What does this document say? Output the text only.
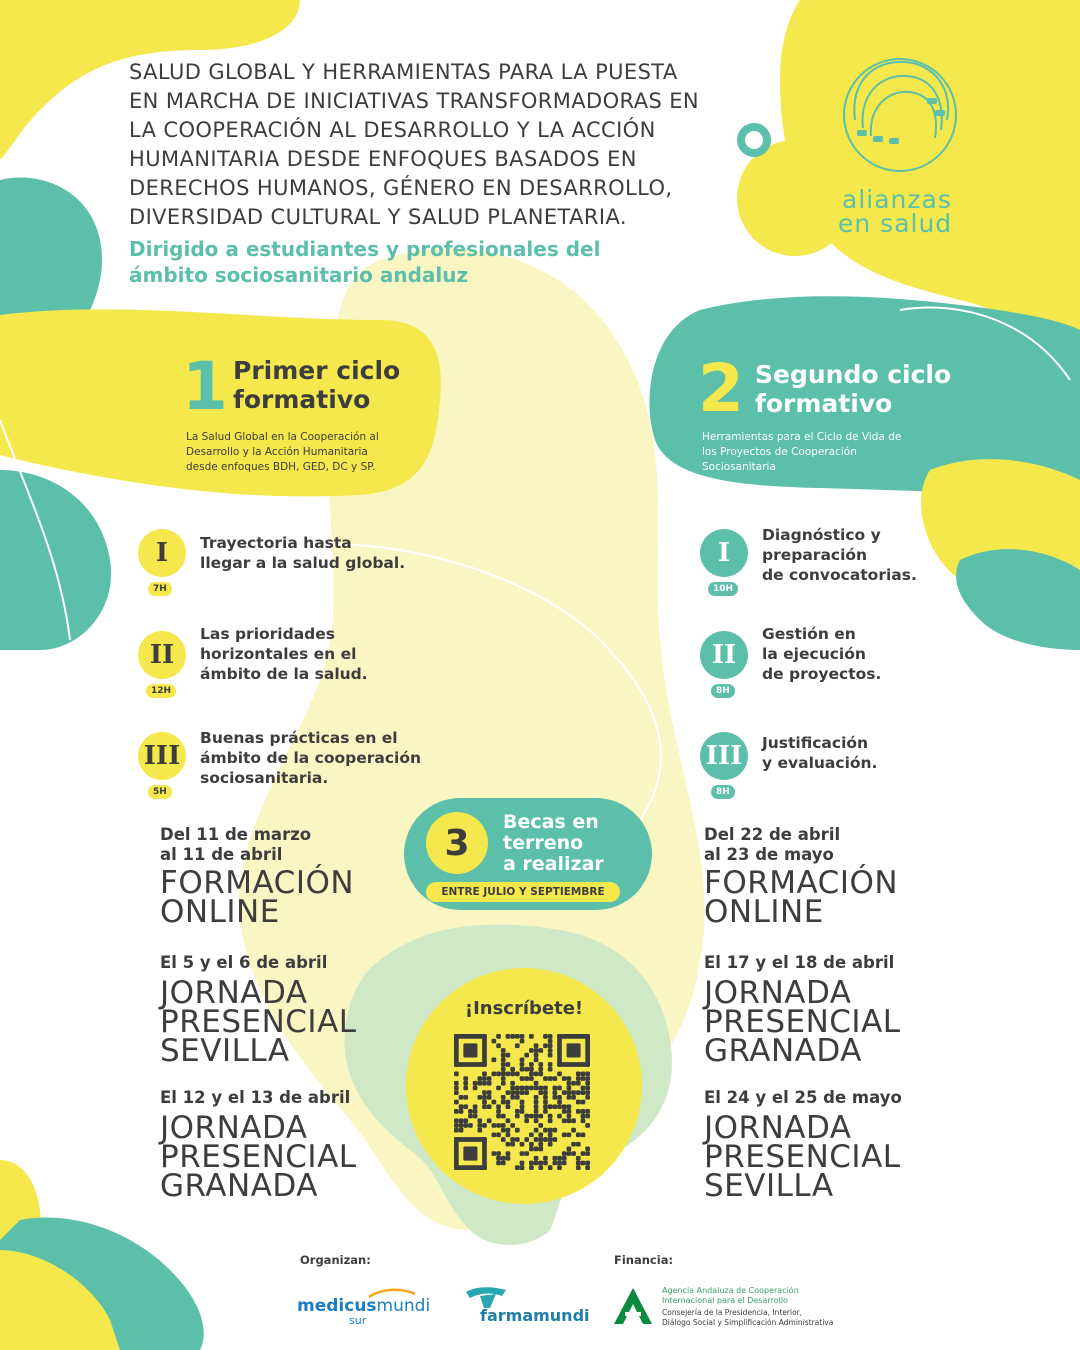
SALUD GLOBAL Y HERRAMIENTAS PARA LA PUESTA
EN MARCHA DE INICIATIVAS TRANSFORMADORAS EN
LA COOPERACIÓN AL DESARROLLO Y LA ACCIÓN
HUMANITARIA DESDE ENFOQUES BASADOS EN
DERECHOS HUMANOS, GÉNERO EN DESARROLLO,
DIVERSIDAD CULTURAL Y SALUD PLANETARIA.
Dirigido a estudiantes y profesionales del
ámbito sociosanitario andaluz
alianzas
en salud
1 Primer ciclo
formativo
La Salud Global en la Cooperación al
Desarrollo y la Acción Humanitaria
desde enfoques BDH, GED, DC y SP.
2 Segundo ciclo
formativo
Herramientas para el Ciclo de Vida de
los Proyectos de Cooperación
Sociosanitaria
I
7H
Trayectoria hasta
llegar a la salud global.
II
12H
Las prioridades
horizontales en el
ámbito de la salud.
III
5H
Buenas prácticas en el
ámbito de la cooperación
sociosanitaria.
I
10H
Diagnóstico y
preparación
de convocatorias.
II
8H
Gestión en
la ejecución
de proyectos.
III
8H
Justificación
y evaluación.
3
Becas en
terreno
a realizar
ENTRE JULIO Y SEPTIEMBRE
Del 11 de marzo
al 11 de abril
FORMACIÓN
ONLINE
El 5 y el 6 de abril
JORNADA
PRESENCIAL
SEVILLA
El 12 y el 13 de abril
JORNADA
PRESENCIAL
GRANADA
Del 22 de abril
al 23 de mayo
FORMACIÓN
ONLINE
El 17 y el 18 de abril
JORNADA
PRESENCIAL
GRANADA
El 24 y el 25 de mayo
JORNADA
PRESENCIAL
SEVILLA
¡Inscríbete!
Organizan:	Financia:
medicusmundi
sur	farmamundi
Agencia Andaluza de Cooperación
Internacional para el Desarrollo
Consejería de la Presidencia, Interior,
Diálogo Social y Simplificación Administrativa
